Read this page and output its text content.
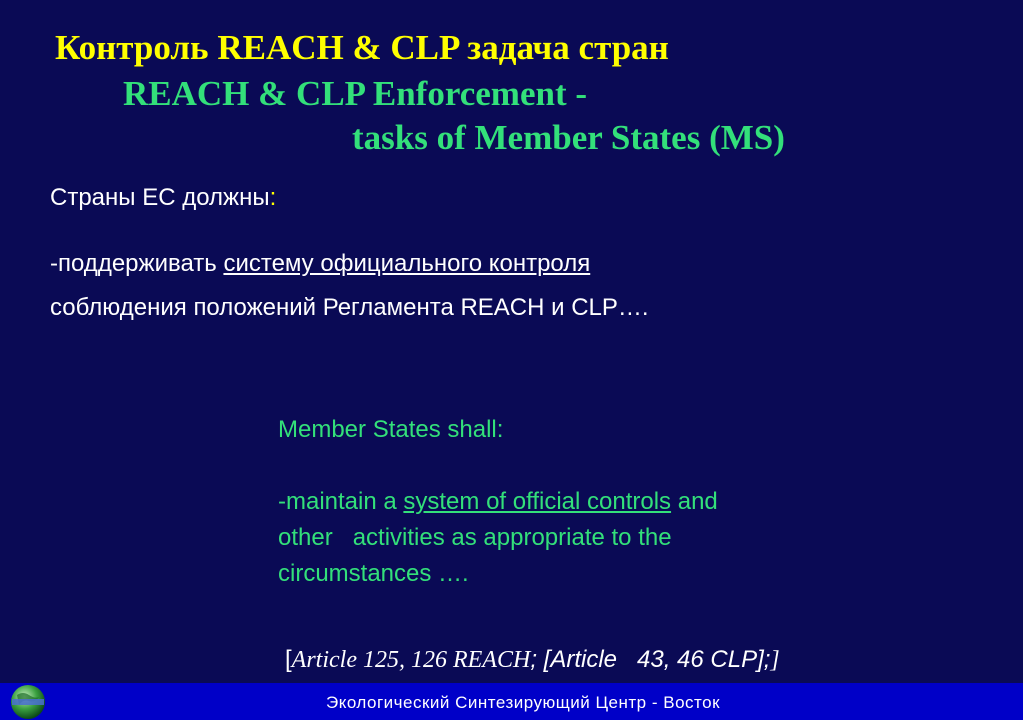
Контроль REACH & CLP задача стран
REACH & CLP Enforcement -
tasks of Member States (MS)
Страны ЕС должны:
-поддерживать систему официального контроля
соблюдения положений Регламента REACH и CLP….

Member States shall:

-maintain a system of official controls and

other   activities as appropriate to the

circumstances ….

[Article 125, 126 REACH; [Article   43, 46 CLP];]
Экологический Синтезирующий Центр - Восток
